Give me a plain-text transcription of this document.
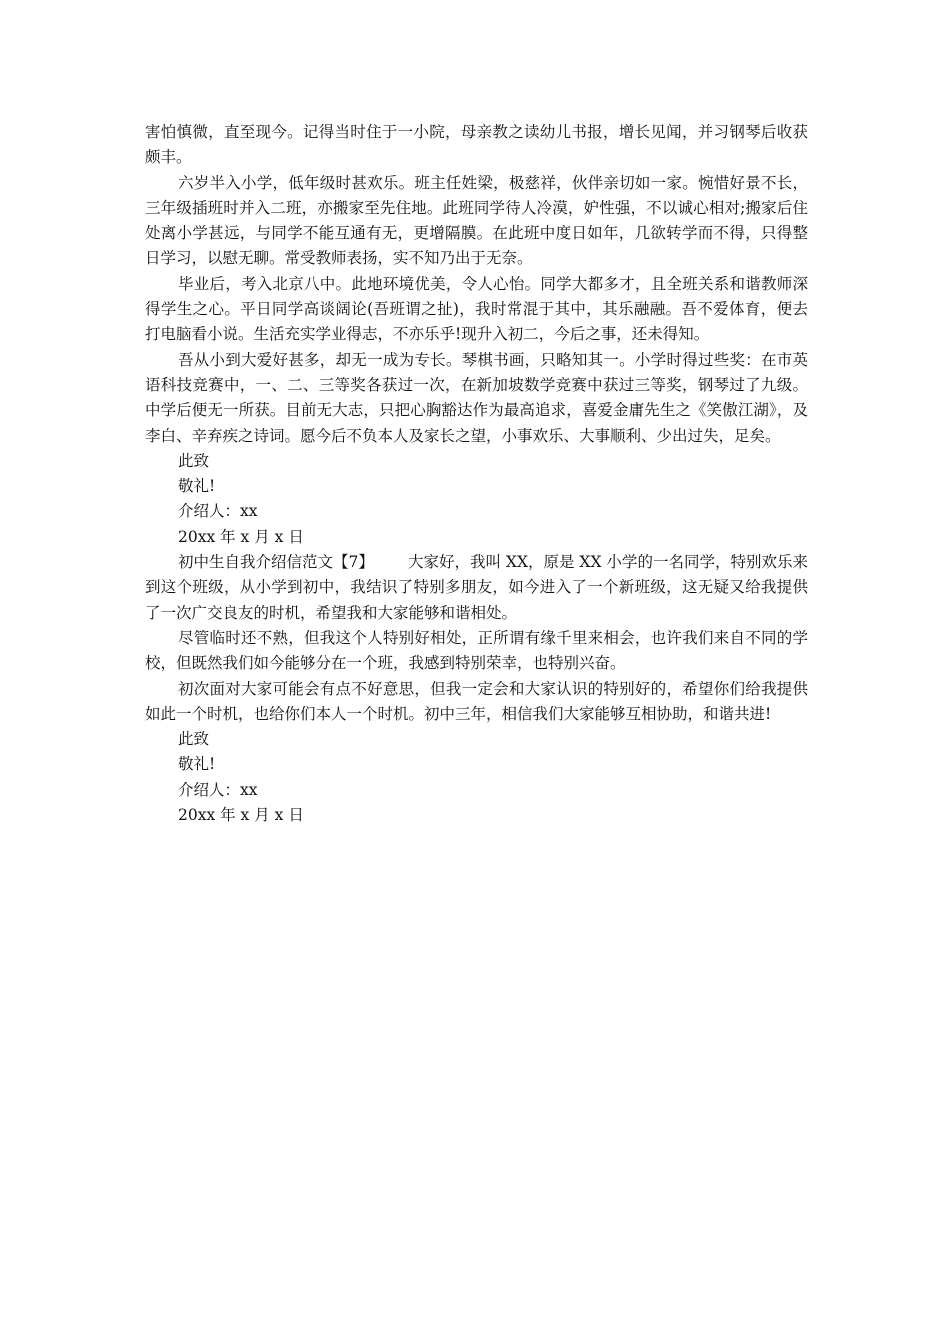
害怕慎微，直至现今。记得当时住于一小院，母亲教之读幼儿书报，增长见闻，并习钢琴后收获颇丰。

六岁半入小学，低年级时甚欢乐。班主任姓梁，极慈祥，伙伴亲切如一家。惋惜好景不长，三年级插班时并入二班，亦搬家至先住地。此班同学待人冷漠，妒性强，不以诚心相对;搬家后住处离小学甚远，与同学不能互通有无，更增隔膜。在此班中度日如年，几欲转学而不得，只得整日学习，以慰无聊。常受教师表扬，实不知乃出于无奈。

毕业后，考入北京八中。此地环境优美，令人心怡。同学大都多才，且全班关系和谐教师深得学生之心。平日同学高谈阔论(吾班谓之扯)，我时常混于其中，其乐融融。吾不爱体育，便去打电脑看小说。生活充实学业得志，不亦乐乎!现升入初二，今后之事，还未得知。

吾从小到大爱好甚多，却无一成为专长。琴棋书画，只略知其一。小学时得过些奖：在市英语科技竞赛中，一、二、三等奖各获过一次，在新加坡数学竞赛中获过三等奖，钢琴过了九级。中学后便无一所获。目前无大志，只把心胸豁达作为最高追求，喜爱金庸先生之《笑傲江湖》，及李白、辛弃疾之诗词。愿今后不负本人及家长之望，小事欢乐、大事顺利、少出过失，足矣。

此致

敬礼!

介绍人：xx

20xx 年 x 月 x 日

初中生自我介绍信范文【7】 大家好，我叫 XX，原是 XX 小学的一名同学，特别欢乐来到这个班级，从小学到初中，我结识了特别多朋友，如今进入了一个新班级，这无疑又给我提供了一次广交良友的时机，希望我和大家能够和谐相处。

尽管临时还不熟，但我这个人特别好相处，正所谓有缘千里来相会，也许我们来自不同的学校，但既然我们如今能够分在一个班，我感到特别荣幸，也特别兴奋。

初次面对大家可能会有点不好意思，但我一定会和大家认识的特别好的，希望你们给我提供如此一个时机，也给你们本人一个时机。初中三年，相信我们大家能够互相协助，和谐共进!

此致

敬礼!

介绍人：xx

20xx 年 x 月 x 日
